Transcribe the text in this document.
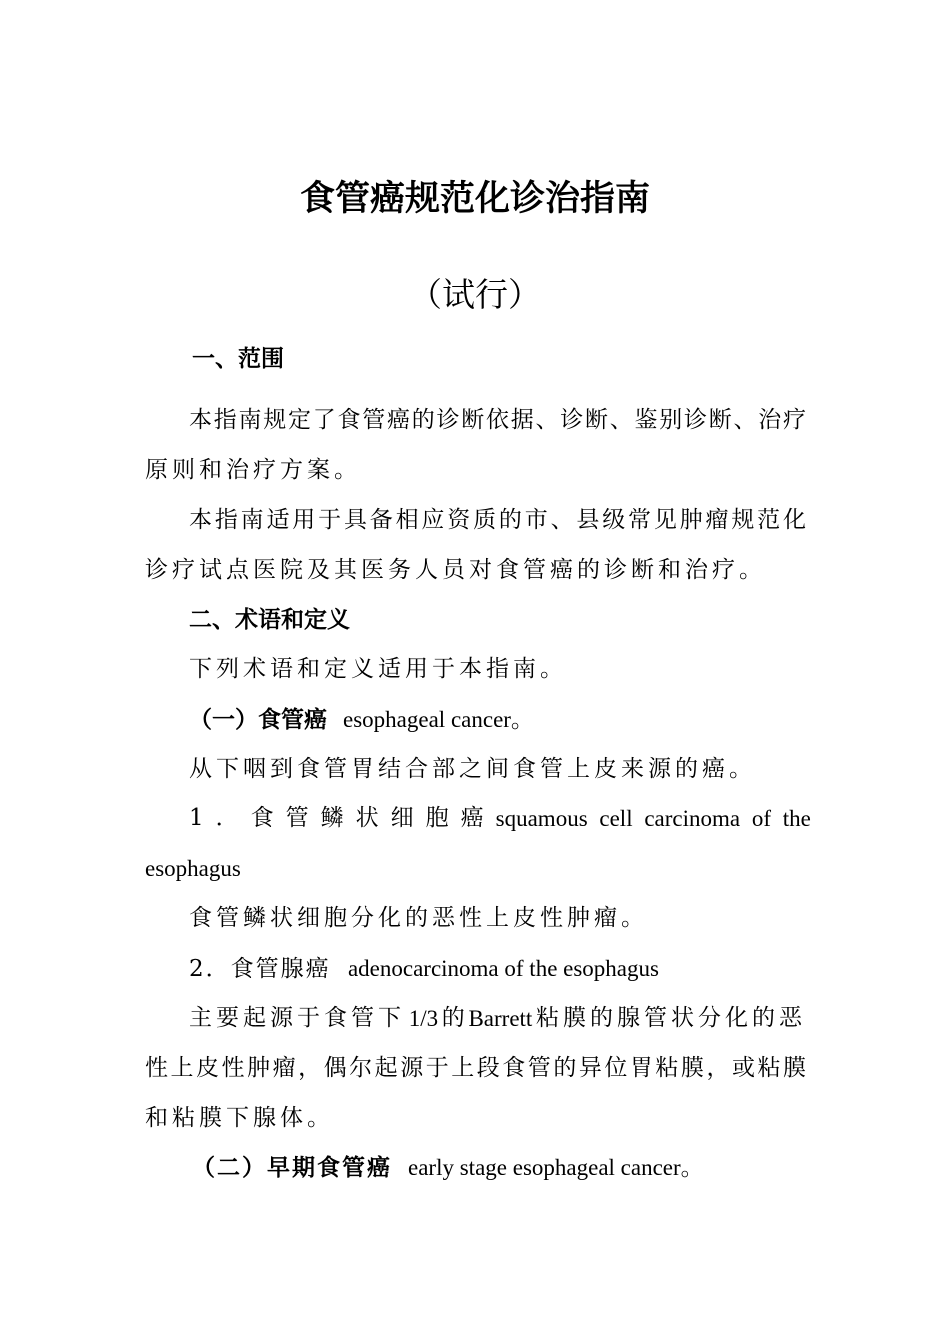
食管癌规范化诊治指南
（试行）
一、范围
本指南规定了食管癌的诊断依据、诊断、鉴别诊断、治疗
原则和治疗方案。
本指南适用于具备相应资质的市、县级常见肿瘤规范化
诊疗试点医院及其医务人员对食管癌的诊断和治疗。
二、术语和定义
下列术语和定义适用于本指南。
（一）食管癌 esophageal cancer。
从下咽到食管胃结合部之间食管上皮来源的癌。
1．食管鳞状细胞癌 squamous cell carcinoma of the
esophagus
食管鳞状细胞分化的恶性上皮性肿瘤。
2．食管腺癌 adenocarcinoma of the esophagus
主要起源于食管下 1/3 的 Barrett 粘膜的腺管状分化的恶
性上皮性肿瘤，偶尔起源于上段食管的异位胃粘膜，或粘膜
和粘膜下腺体。
（二）早期食管癌 early stage esophageal cancer。
